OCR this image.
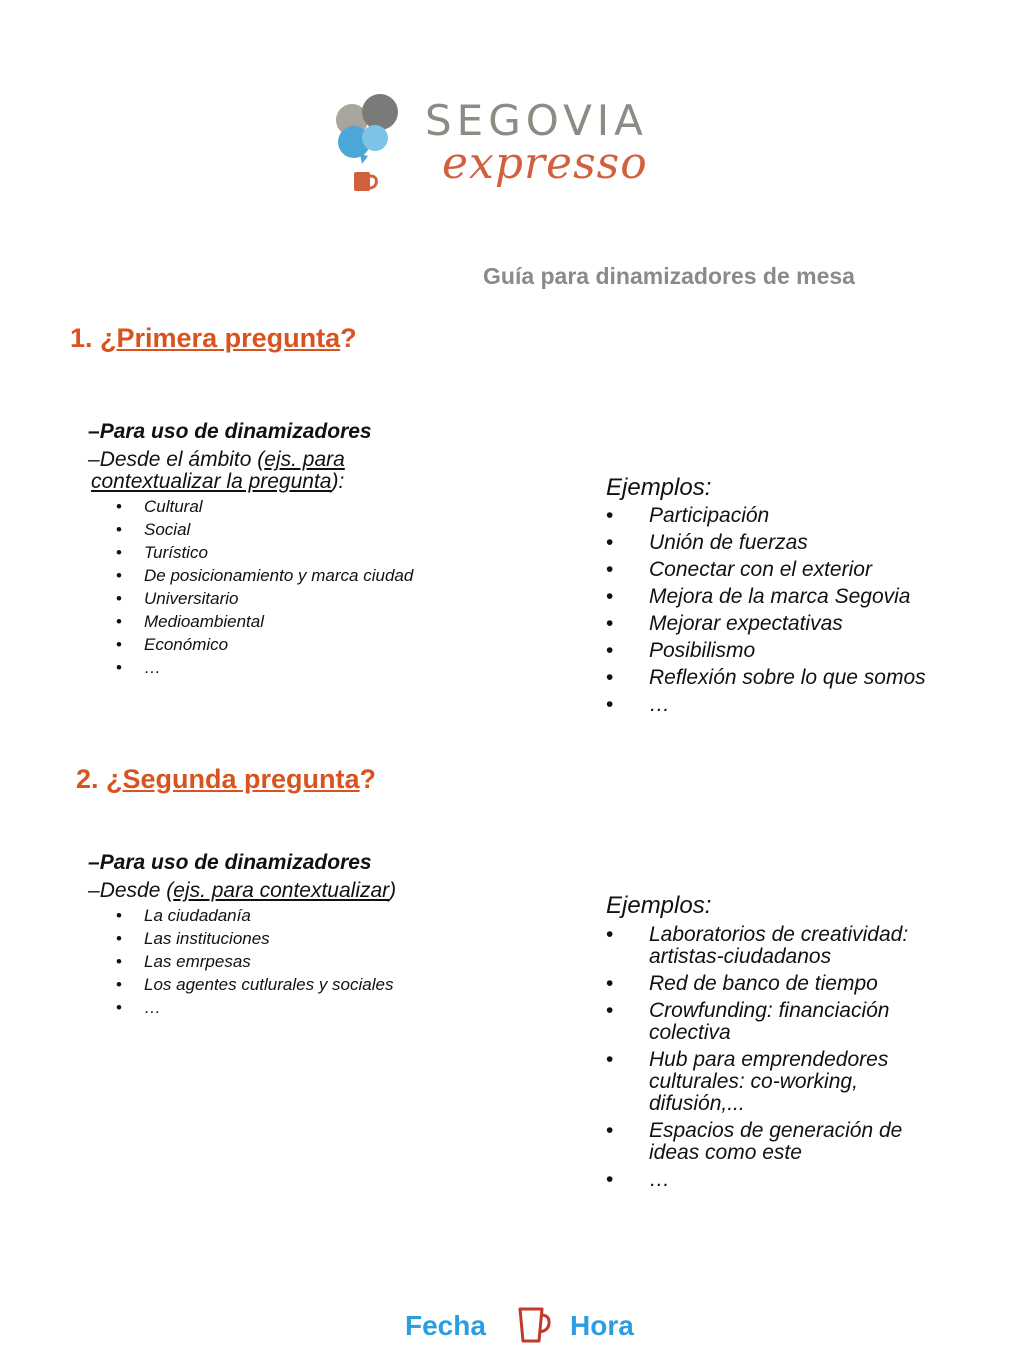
SEGOVIA
expresso
Guía para dinamizadores de mesa
1. ¿Primera pregunta?
–Para uso de dinamizadores
–Desde el ámbito (ejs. para
contextualizar la pregunta):
• Cultural
• Social
• Turístico
• De posicionamiento y marca ciudad
• Universitario
• Medioambiental
• Económico
• …
Ejemplos:
• Participación
• Unión de fuerzas
• Conectar con el exterior
• Mejora de la marca Segovia
• Mejorar expectativas
• Posibilismo
• Reflexión sobre lo que somos
• …
2. ¿Segunda pregunta?
–Para uso de dinamizadores
–Desde (ejs. para contextualizar)
• La ciudadanía
• Las instituciones
• Las emrpesas
• Los agentes cutlurales y sociales
• …
Ejemplos:
• Laboratorios de creatividad: artistas-ciudadanos
• Red de banco de tiempo
• Crowfunding: financiación colectiva
• Hub para emprendedores culturales: co-working, difusión,...
• Espacios de generación de ideas como este
• …
Fecha	Hora
